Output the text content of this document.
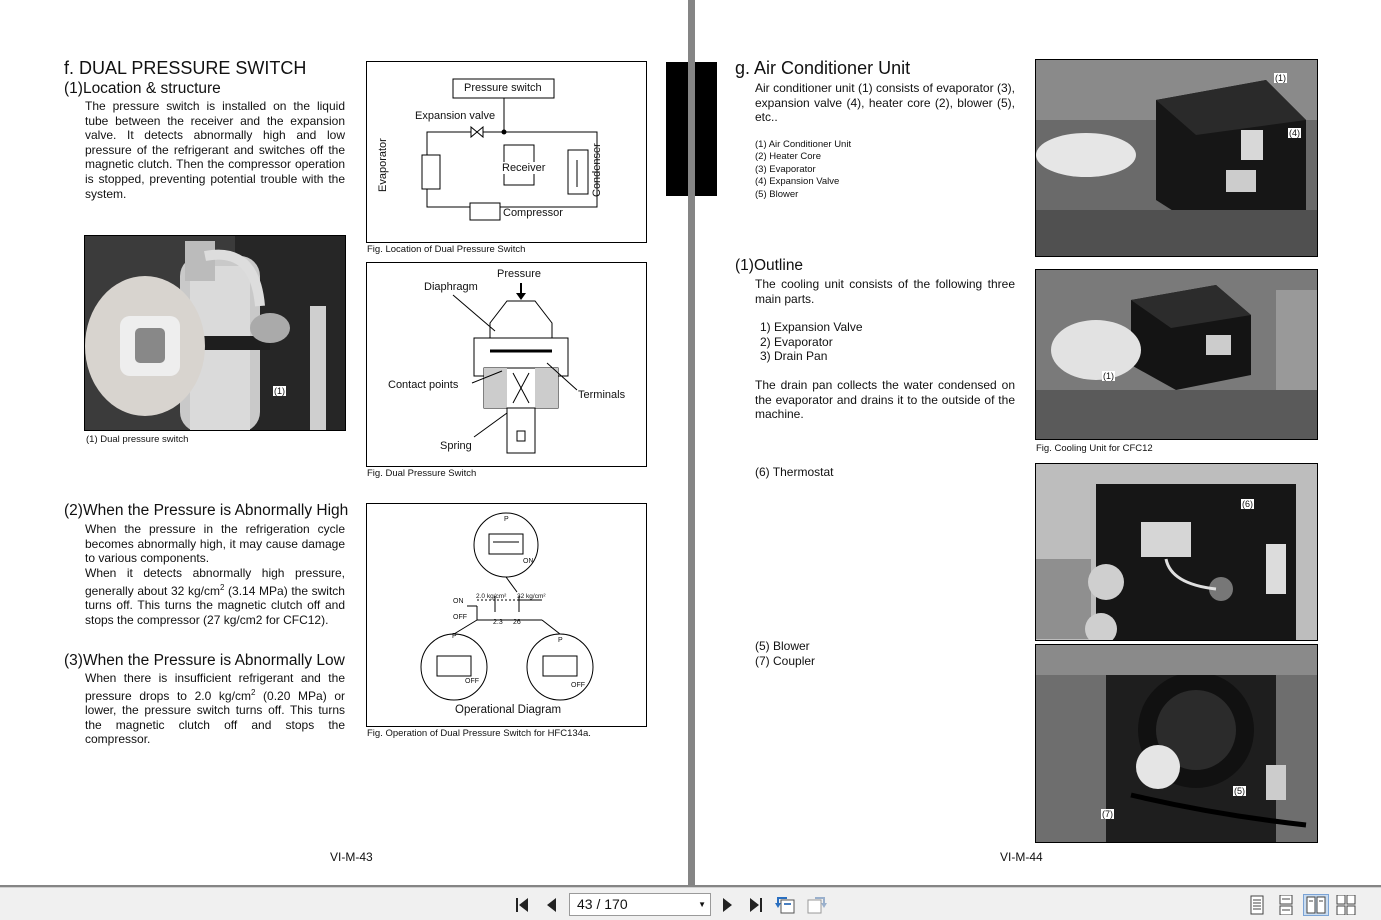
f. DUAL PRESSURE SWITCH
(1)Location & structure
The pressure switch is installed on the liquid tube between the receiver and the expansion valve. It detects abnormally high and low pressure of the refrigerant and switches off the magnetic clutch. Then the compressor operation is stopped, preventing potential trouble with the system.
(1)
(1) Dual pressure switch
Pressure switch
Expansion valve
Evaporator	Receiver	Condenser
Compressor
Fig. Location of Dual Pressure Switch
Pressure
Diaphragm
Contact points
Terminals
Spring
Fig. Dual Pressure Switch
(2)When the Pressure is Abnormally High
When the pressure in the refrigeration cycle becomes abnormally high, it may cause damage to various components.
When it detects abnormally high pressure, generally about 32 $kg/cm^2$ (3.14 MPa) the switch turns off. This turns the magnetic clutch off and stops the compressor (27 kg/cm2 for CFC12).
(3)When the Pressure is Abnormally Low
When there is insufficient refrigerant and the pressure drops to 2.0 $kg/cm^2$ (0.20 MPa) or lower, the pressure switch turns off. This turns the magnetic clutch off and stops the compressor.
P
ON
ON
OFF
2.0 kg/cm² 32 kg/cm²
2.3 26
P
OFF
P
OFF
Operational Diagram
Fig. Operation of Dual Pressure Switch for HFC134a.
VI-M-43
g. Air Conditioner Unit
Air conditioner unit (1) consists of evaporator (3), expansion valve (4), heater core (2), blower (5), etc..
(1) Air Conditioner Unit
(2) Heater Core
(3) Evaporator
(4) Expansion Valve
(5) Blower
(1)Outline
The cooling unit consists of the following three main parts.
1) Expansion Valve
2) Evaporator
3) Drain Pan
The drain pan collects the water condensed on the evaporator and drains it to the outside of the machine.
(6) Thermostat
(5) Blower
(7) Coupler
(1)
(4)
(1)
Fig. Cooling Unit for CFC12
(6)
(5)
(7)
VI-M-44
43 / 170	▼
